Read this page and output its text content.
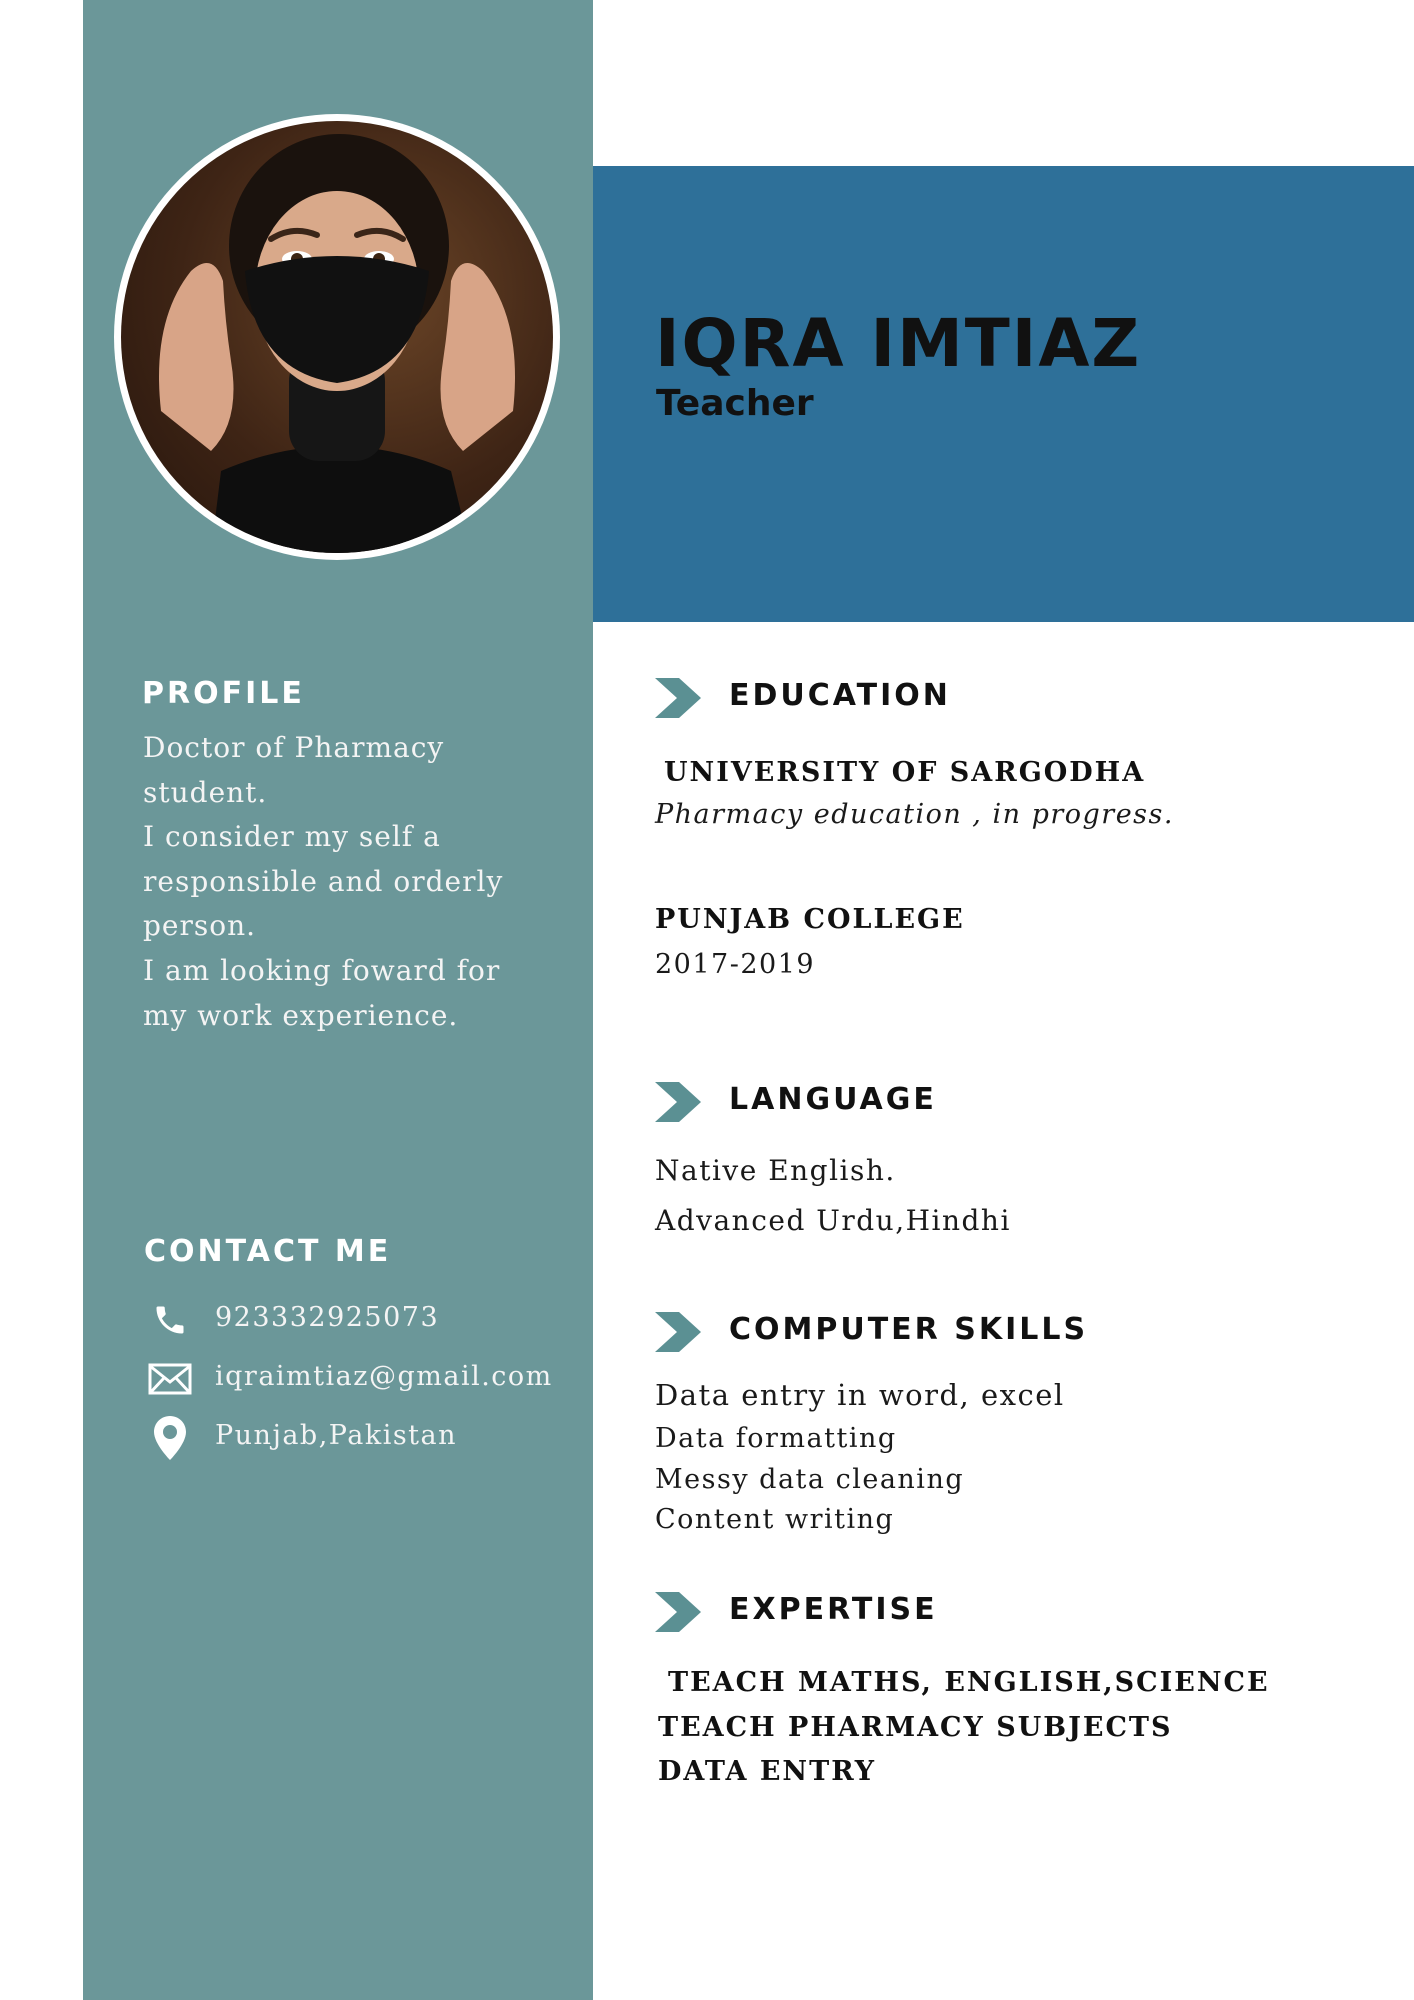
IQRA IMTIAZ
Teacher
PROFILE
Doctor of Pharmacy
student.
I consider my self a
responsible and orderly
person.
I am looking foward for
my work experience.
CONTACT ME
923332925073
iqraimtiaz@gmail.com
Punjab,Pakistan
EDUCATION
UNIVERSITY OF SARGODHA
Pharmacy education , in progress.
PUNJAB COLLEGE
2017-2019
LANGUAGE
Native English.
Advanced Urdu,Hindhi
COMPUTER SKILLS
Data entry in word, excel
Data formatting
Messy data cleaning
Content writing
EXPERTISE
TEACH MATHS, ENGLISH,SCIENCE
TEACH PHARMACY SUBJECTS
DATA ENTRY
